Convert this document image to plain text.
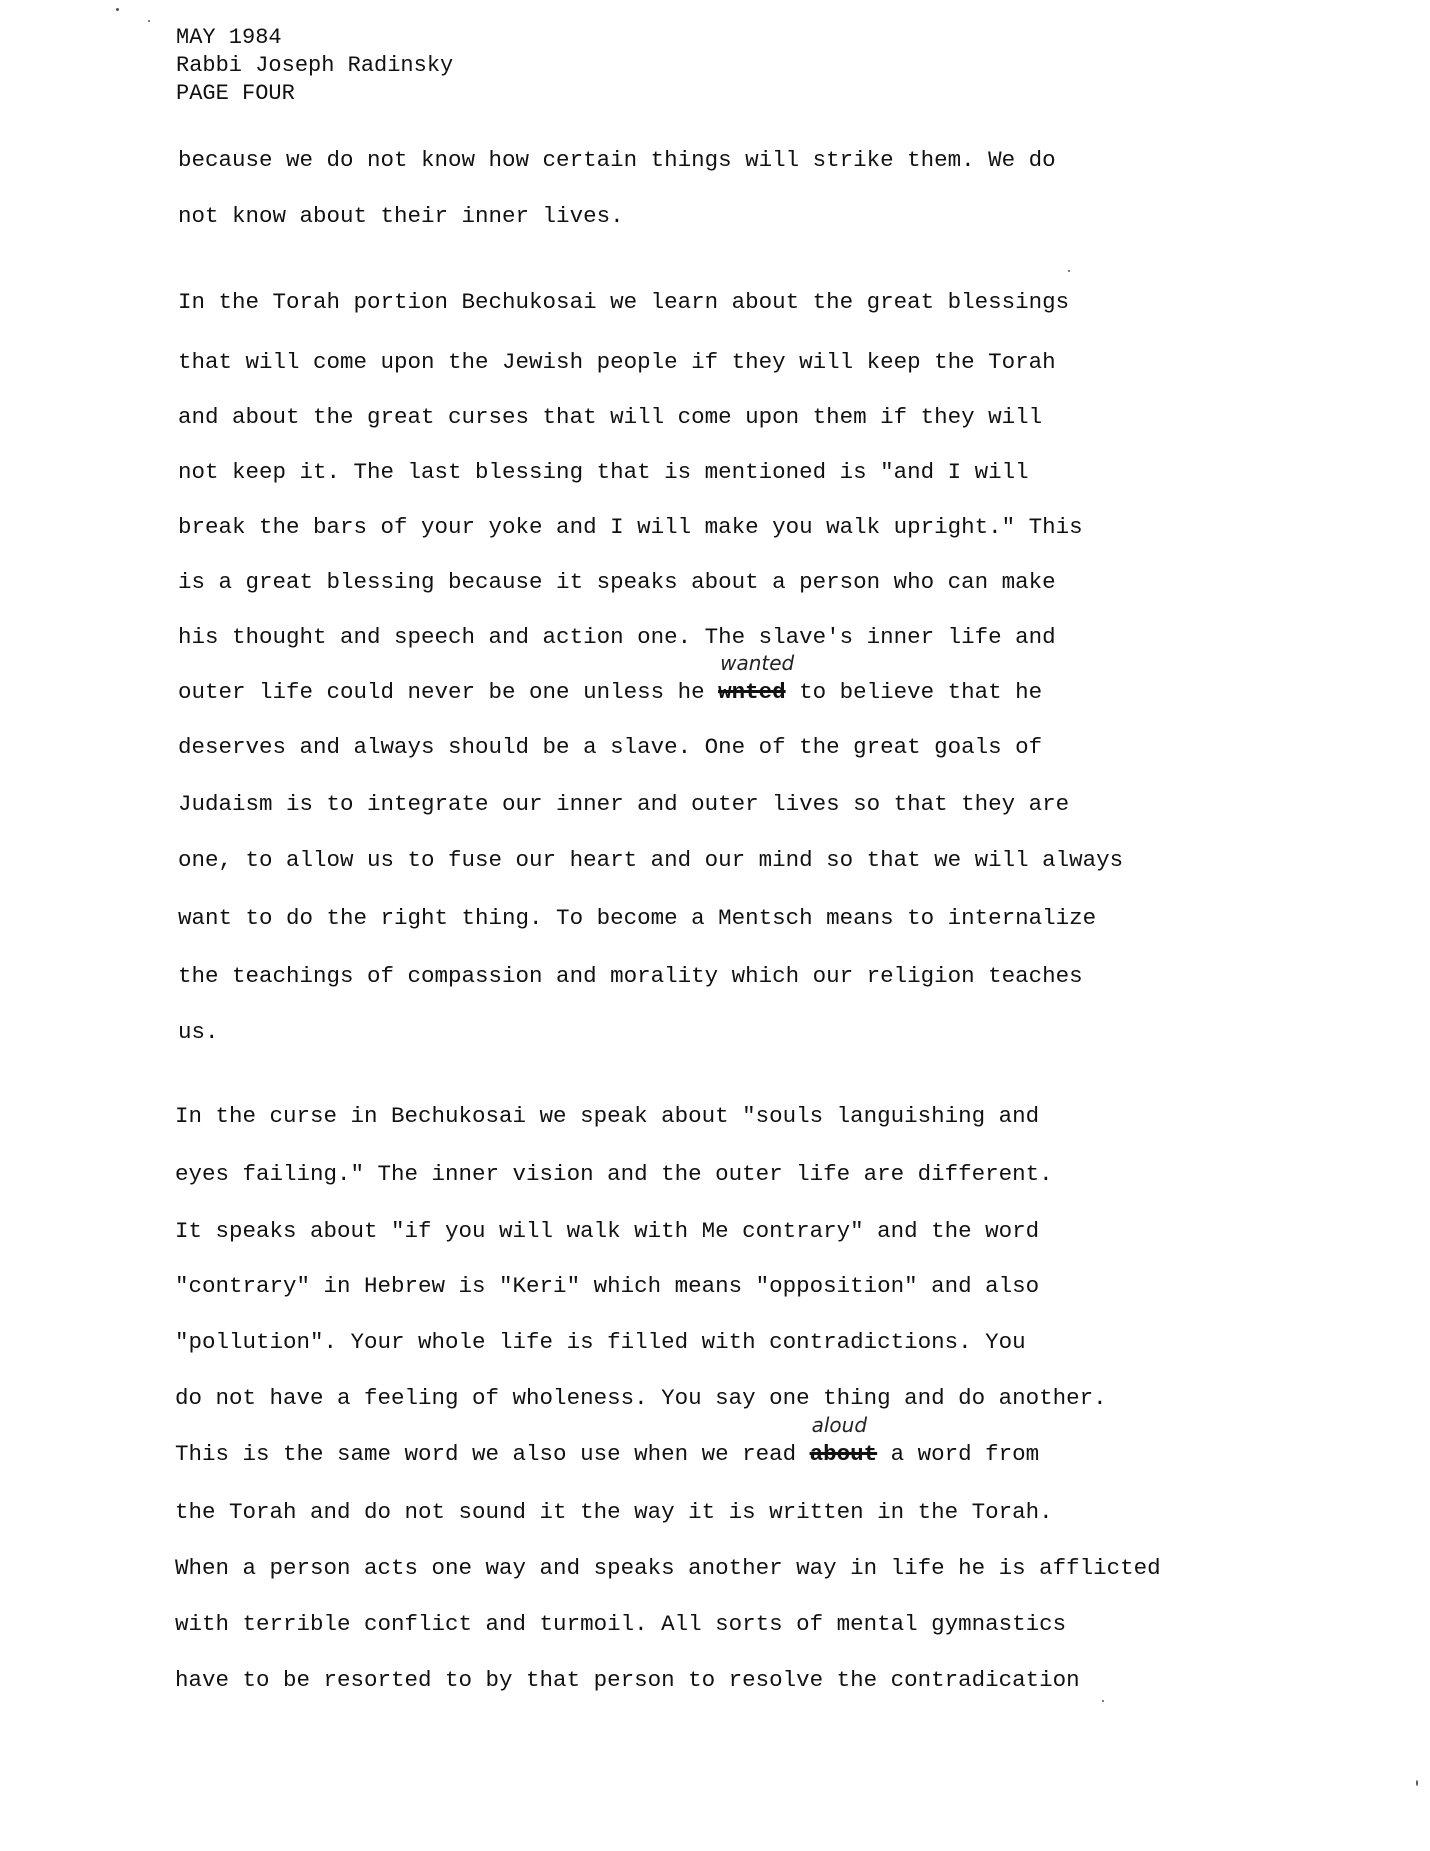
MAY 1984
Rabbi Joseph Radinsky
PAGE FOUR
because we do not know how certain things will strike them. We do
not know about their inner lives.
In the Torah portion Bechukosai we learn about the great blessings
that will come upon the Jewish people if they will keep the Torah
and about the great curses that will come upon them if they will
not keep it. The last blessing that is mentioned is "and I will
break the bars of your yoke and I will make you walk upright." This
is a great blessing because it speaks about a person who can make
his thought and speech and action one. The slave's inner life and
outer life could never be one unless he wnted
wanted
to believe that he
deserves and always should be a slave. One of the great goals of
Judaism is to integrate our inner and outer lives so that they are
one, to allow us to fuse our heart and our mind so that we will always
want to do the right thing. To become a Mentsch means to internalize
the teachings of compassion and morality which our religion teaches
us.
In the curse in Bechukosai we speak about "souls languishing and
eyes failing." The inner vision and the outer life are different.
It speaks about "if you will walk with Me contrary" and the word
"contrary" in Hebrew is "Keri" which means "opposition" and also
"pollution". Your whole life is filled with contradictions. You
do not have a feeling of wholeness. You say one thing and do another.
This is the same word we also use when we read about
aloud
a word from
the Torah and do not sound it the way it is written in the Torah.
When a person acts one way and speaks another way in life he is afflicted
with terrible conflict and turmoil. All sorts of mental gymnastics
have to be resorted to by that person to resolve the contradication
